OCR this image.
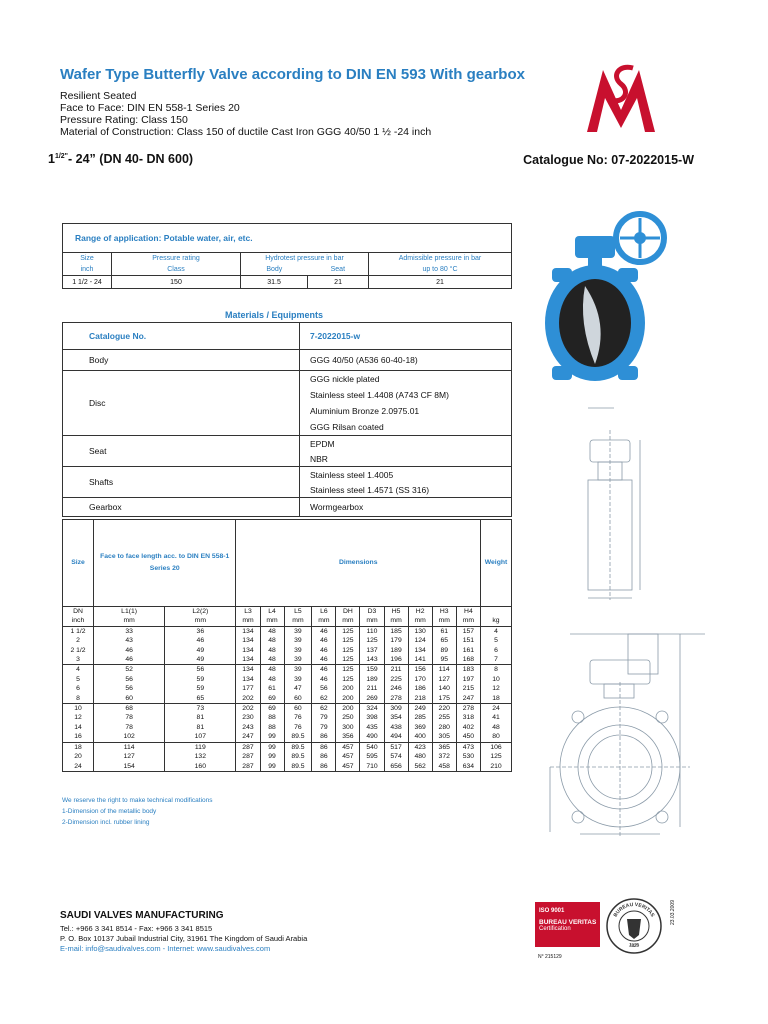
Wafer Type Butterfly Valve according to DIN EN 593 With gearbox
Resilient Seated
Face to Face: DIN EN 558-1 Series 20
Pressure Rating: Class 150
Material of Construction: Class 150 of ductile Cast Iron GGG 40/50 1 ½ -24 inch
$1^{1/2"}-$ 24” (DN 40- DN 600)	Catalogue No: 07-2022015-W
Range of application: Potable water, air, etc.				
Size	Pressure rating	Hydrotest pressure in bar		Admissible pressure in bar
inch	Class	Body	Seat	up to 80 °C
1 1/2 - 24	150	31.5	21	21
Materials / Equipments
Catalogue No.	7-2022015-w
Body	GGG 40/50 (A536 60-40-18)
Disc	GGG nickle plated
	Stainless steel 1.4408 (A743 CF 8M)
	Aluminium Bronze 2.0975.01
	GGG Rilsan coated
Seat	EPDM
	NBR
Shafts	Stainless steel 1.4005
	Stainless steel 1.4571 (SS 316)
Gearbox	Wormgearbox
Size	Face to face length acc. to DIN EN 558-1 Series 20		Dimensions										Weight
DN	L1(1)	L2(2)	L3	L4	L5	L6	DH	D3	H5	H2	H3	H4	
inch	mm	mm	mm	mm	mm	mm	mm	mm	mm	mm	mm	mm	kg
1 1/2	33	36	134	48	39	46	125	110	185	130	61	157	4
2	43	46	134	48	39	46	125	125	179	124	65	151	5
2 1/2	46	49	134	48	39	46	125	137	189	134	89	161	6
3	46	49	134	48	39	46	125	143	196	141	95	168	7
4	52	56	134	48	39	46	125	159	211	156	114	183	8
5	56	59	134	48	39	46	125	189	225	170	127	197	10
6	56	59	177	61	47	56	200	211	246	186	140	215	12
8	60	65	202	69	60	62	200	269	278	218	175	247	18
10	68	73	202	69	60	62	200	324	309	249	220	278	24
12	78	81	230	88	76	79	250	398	354	285	255	318	41
14	78	81	243	88	76	79	300	435	438	369	280	402	48
16	102	107	247	99	89.5	86	356	490	494	400	305	450	80
18	114	119	287	99	89.5	86	457	540	517	423	365	473	106
20	127	132	287	99	89.5	86	457	595	574	480	372	530	125
24	154	160	287	99	89.5	86	457	710	656	562	458	634	210
We reserve the right to make technical modifications
1-Dimension of the metallic body
2-Dimension incl. rubber lining
SAUDI VALVES MANUFACTURING
Tel.: +966 3 341 8514 - Fax: +966 3 341 8515
P. O. Box 10137 Jubail Industrial City, 31961 The Kingdom of Saudi Arabia
E-mail: info@saudivalves.com - Internet: www.saudivalves.com
ISO 9001
BUREAU VERITAS
Certification
BUREAU VERITAS
1828
23.03.2009
N° 215129
